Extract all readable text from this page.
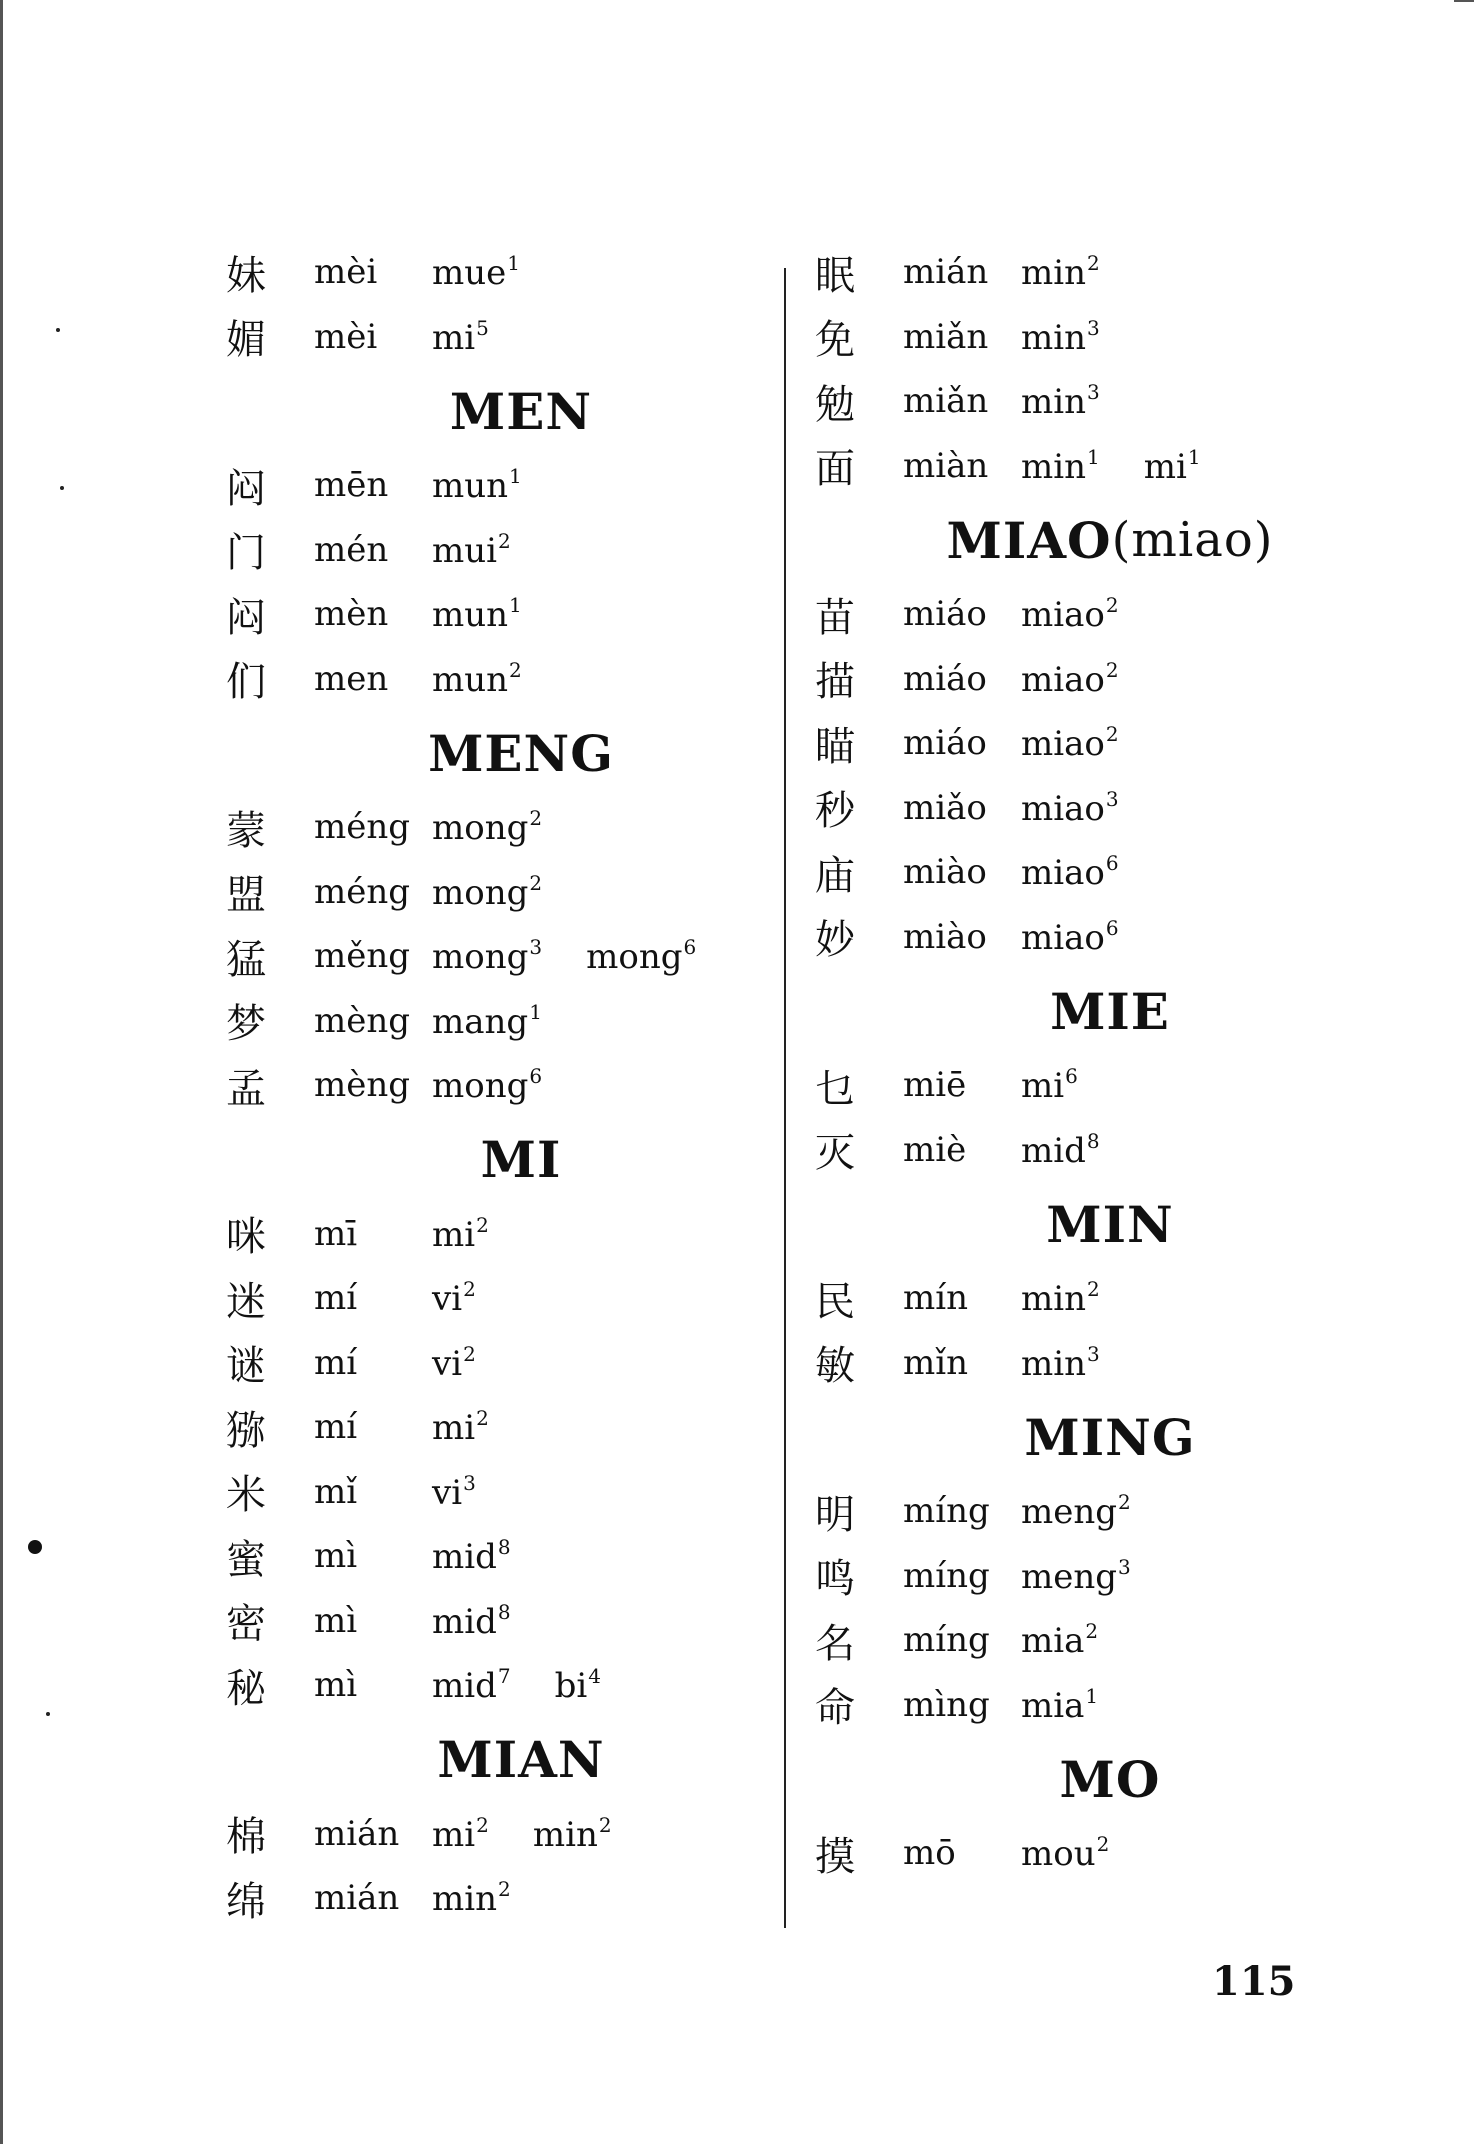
妹	mèi	mue$^1$
媚	mèi	$mi^5$
MEN
闷	mēn	mun$^1$
门	mén	mui$^2$
闷	mèn	mun$^1$
们	men	mun$^2$
MENG
蒙	méng mong$^2$
盟	méng mong$^2$
猛	měng mong$^3$ mong$^6$
梦	mèng mang$^1$
孟	mèng mong$^6$
MI
咪	mī	$mi^2$
迷	mí	$vi^2$
谜	mí	$vi^2$
猕	mí	$mi^2$
米	mǐ	$vi^3$
蜜	mì	mid$^8$
密	mì	mid$^8$
秘	mì	mid$^7$ $bi^4$
MIAN
棉	mián $mi^2$ $\min^2$
绵	mián $\min^2$
眠	mián $\min^2$
免	miǎn $\min^3$
勉	miǎn $\min^3$
面	miàn $\min^1 mi^1$
MIAO (miao)
苗	miáo	miao$^2$
描	miáo	miao$^2$
瞄	miáo	miao$^2$
秒	miǎo	miao$^3$
庙	miào	miao$^6$
妙	miào	miao$^6$
MIE
乜	miē	$mi^6$
灭	miè	mid$^8$
MIN
民	mín	$\min^2$
敏	mǐn	$\min^3$
MING
明	míng meng$^2$
鸣	míng meng$^3$
名	míng mia$^2$
命	mìng mia$^1$
MO
摸	mō	mou$^2$
115
